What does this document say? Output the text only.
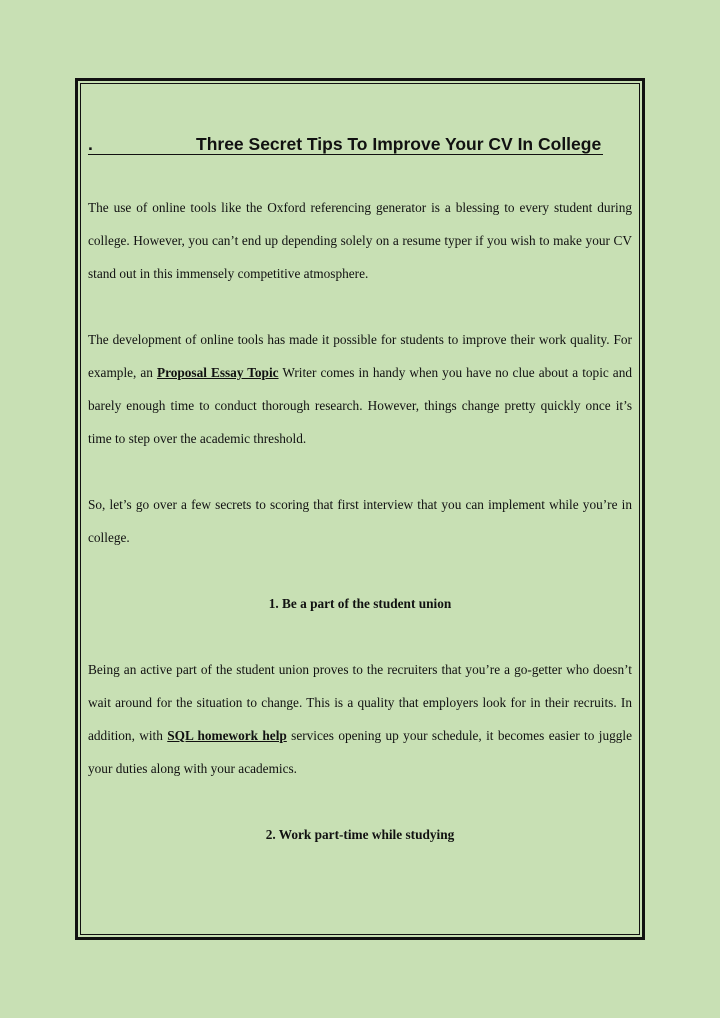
.	Three Secret Tips To Improve Your CV In College

The use of online tools like the Oxford referencing generator is a blessing to every student during college. However, you can’t end up depending solely on a resume typer if you wish to make your CV stand out in this immensely competitive atmosphere.

The development of online tools has made it possible for students to improve their work quality. For example, an Proposal Essay Topic Writer comes in handy when you have no clue about a topic and barely enough time to conduct thorough research. However, things change pretty quickly once it’s time to step over the academic threshold.

So, let’s go over a few secrets to scoring that first interview that you can implement while you’re in college.

1. Be a part of the student union

Being an active part of the student union proves to the recruiters that you’re a go-getter who doesn’t wait around for the situation to change. This is a quality that employers look for in their recruits. In addition, with SQL homework help services opening up your schedule, it becomes easier to juggle your duties along with your academics.

2. Work part-time while studying
